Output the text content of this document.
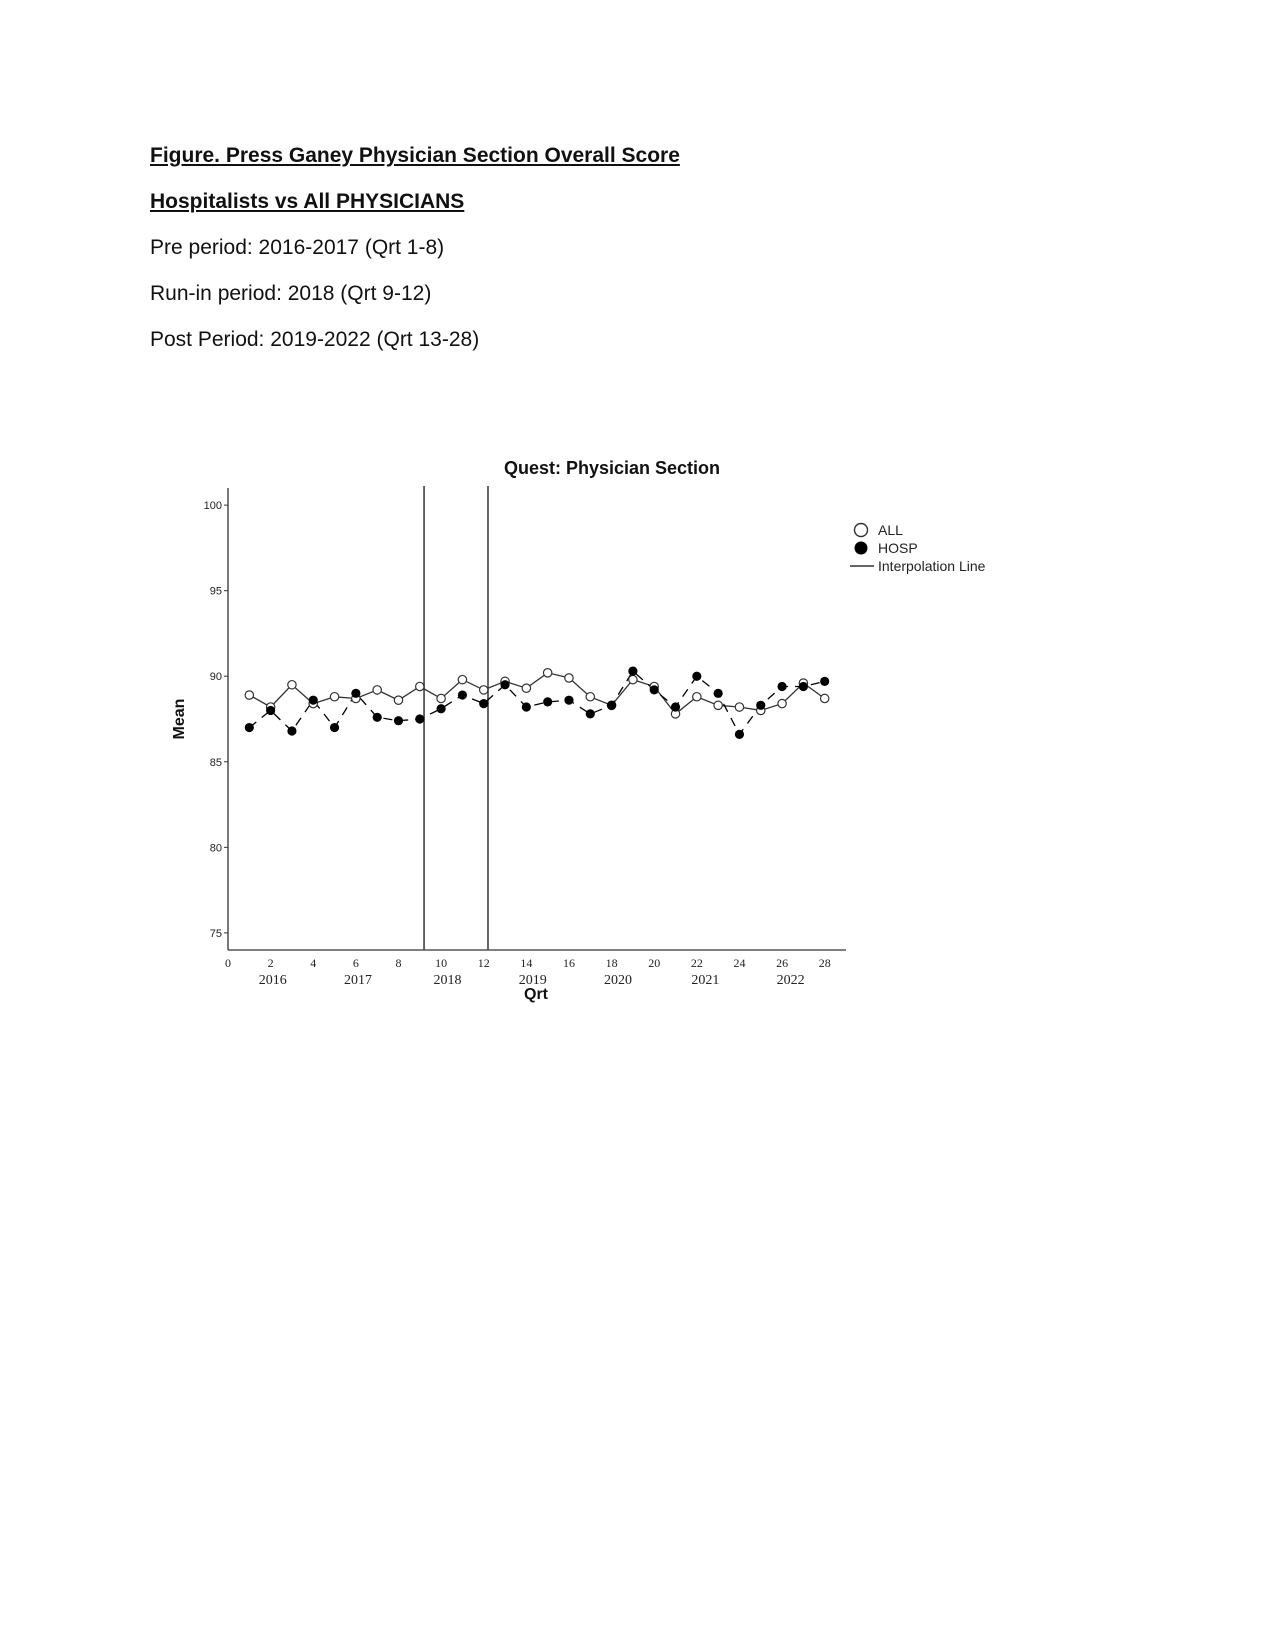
Figure. Press Ganey Physician Section Overall Score
Hospitalists vs All PHYSICIANS
Pre period: 2016-2017 (Qrt 1-8)
Run-in period: 2018 (Qrt 9-12)
Post Period: 2019-2022 (Qrt 13-28)
Quest: Physician Section
75
80
85
90
95
100
0	2	4	6	8	10	12	14	16	18	20	22	24	26	28
2016	2017	2018	2019	2020	2021	2022
Qrt
Mean
ALL
HOSP
Interpolation Line
